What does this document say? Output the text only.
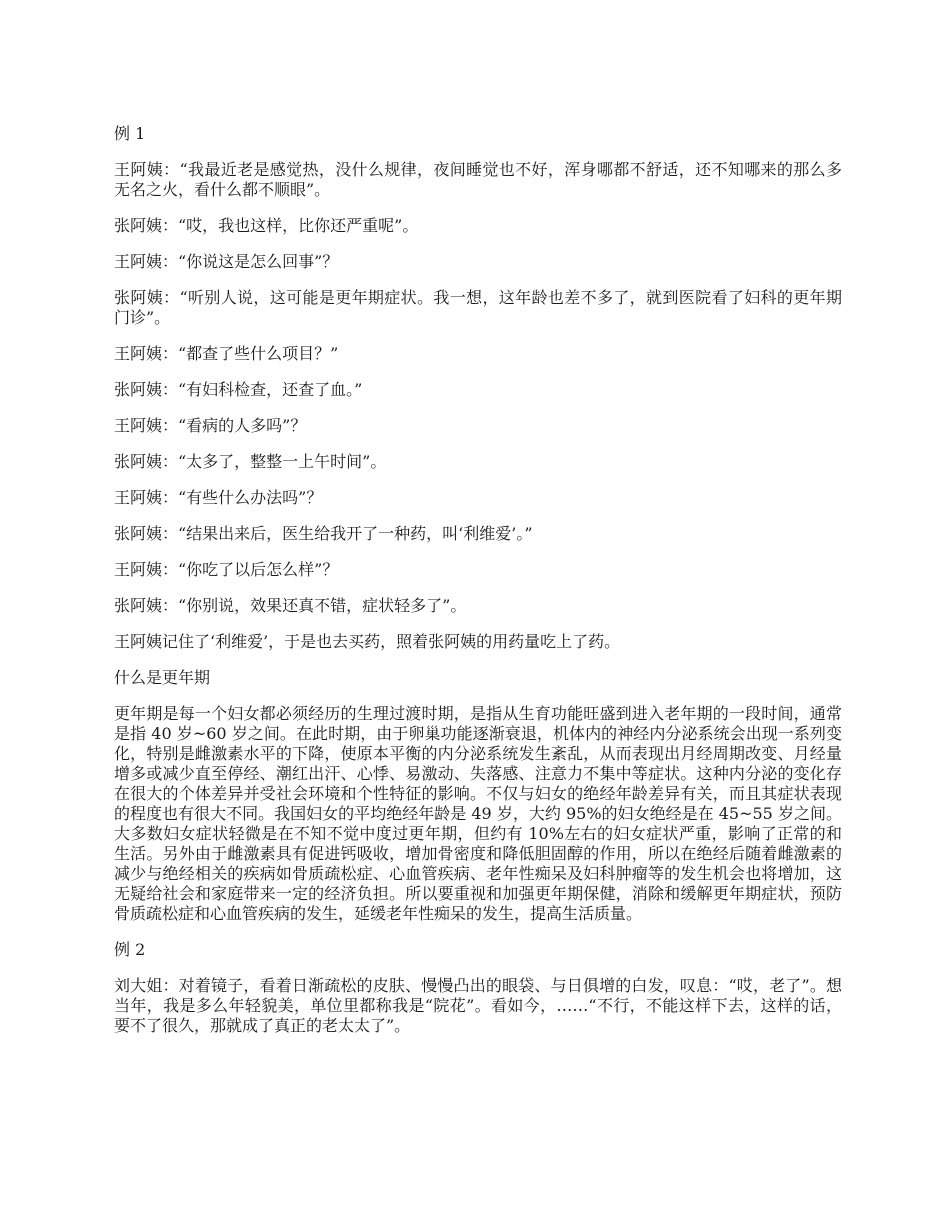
例 1

王阿姨：“我最近老是感觉热，没什么规律，夜间睡觉也不好，浑身哪都不舒适，还不知哪来的那么多无名之火，看什么都不顺眼”。

张阿姨：“哎，我也这样，比你还严重呢”。

王阿姨：“你说这是怎么回事”？

张阿姨：“听别人说，这可能是更年期症状。我一想，这年龄也差不多了，就到医院看了妇科的更年期门诊”。

王阿姨：“都查了些什么项目？”

张阿姨：“有妇科检查，还查了血。”

王阿姨：“看病的人多吗”？

张阿姨：“太多了，整整一上午时间”。

王阿姨：“有些什么办法吗”？

张阿姨：“结果出来后，医生给我开了一种药，叫‘利维爱’。”

王阿姨：“你吃了以后怎么样”？

张阿姨：“你别说，效果还真不错，症状轻多了”。

王阿姨记住了‘利维爱’，于是也去买药，照着张阿姨的用药量吃上了药。

什么是更年期

更年期是每一个妇女都必须经历的生理过渡时期，是指从生育功能旺盛到进入老年期的一段时间，通常是指 40 岁~60 岁之间。在此时期，由于卵巢功能逐渐衰退，机体内的神经内分泌系统会出现一系列变化，特别是雌激素水平的下降，使原本平衡的内分泌系统发生紊乱，从而表现出月经周期改变、月经量增多或减少直至停经、潮红出汗、心悸、易激动、失落感、注意力不集中等症状。这种内分泌的变化存在很大的个体差异并受社会环境和个性特征的影响。不仅与妇女的绝经年龄差异有关，而且其症状表现的程度也有很大不同。我国妇女的平均绝经年龄是 49 岁，大约 95%的妇女绝经是在 45~55 岁之间。大多数妇女症状轻微是在不知不觉中度过更年期，但约有 10%左右的妇女症状严重，影响了正常的和生活。另外由于雌激素具有促进钙吸收，增加骨密度和降低胆固醇的作用，所以在绝经后随着雌激素的减少与绝经相关的疾病如骨质疏松症、心血管疾病、老年性痴呆及妇科肿瘤等的发生机会也将增加，这无疑给社会和家庭带来一定的经济负担。所以要重视和加强更年期保健，消除和缓解更年期症状，预防骨质疏松症和心血管疾病的发生，延缓老年性痴呆的发生，提高生活质量。

例 2

刘大姐：对着镜子，看着日渐疏松的皮肤、慢慢凸出的眼袋、与日俱增的白发，叹息：“哎，老了”。想当年，我是多么年轻貌美，单位里都称我是“院花”。看如今，……“不行，不能这样下去，这样的话，要不了很久，那就成了真正的老太太了”。
